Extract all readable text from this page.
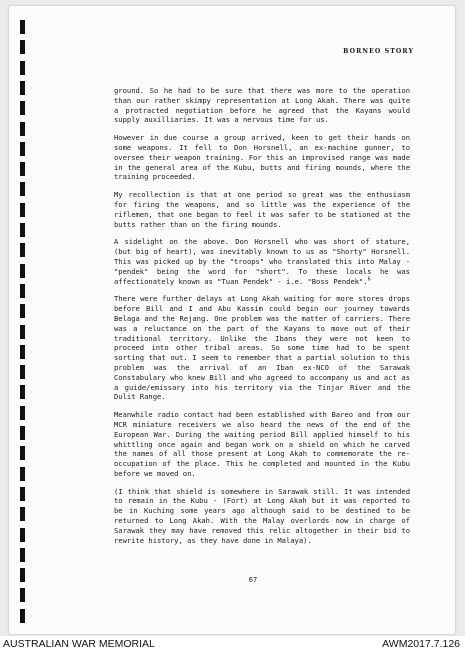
BORNEO STORY

ground. So he had to be sure that there was more to the operation than our rather skimpy representation at Long Akah. There was quite a protracted negotiation before he agreed that the Kayans would supply auxilliaries. It was a nervous time for us.

However in due course a group arrived, keen to get their hands on some weapons. It fell to Don Horsnell, an ex-machine gunner, to oversee their weapon training. For this an improvised range was made in the general area of the Kubu, butts and firing mounds, where the training proceeded.

My recollection is that at one period so great was the enthusiasm for firing the weapons, and so little was the experience of the riflemen, that one began to feel it was safer to be stationed at the butts rather than on the firing mounds.

A sidelight on the above. Don Horsnell who was short of stature, (but big of heart), was inevitably known to us as "Shorty" Horsnell. This was picked up by the "troops" who translated this into Malay - "pendek" being the word for "short". To these locals he was affectionately known as "Tuan Pendek" - i.e. "Boss Pendek".$^6$

There were further delays at Long Akah waiting for more stores drops before Bill and I and Abu Kassim could begin our journey towards Belaga and the Rejang. One problem was the matter of carriers. There was a reluctance on the part of the Kayans to move out of their traditional territory. Unlike the Ibans they were not keen to proceed into other tribal areas. So some time had to be spent sorting that out. I seem to remember that a partial solution to this problem was the arrival of an Iban ex-NCO of the Sarawak Constabulary who knew Bill and who agreed to accompany us and act as a guide/emissary into his territory via the Tinjar River and the Dulit Range.

Meanwhile radio contact had been established with Bareo and from our MCR miniature receivers we also heard the news of the end of the European War. During the waiting period Bill applied himself to his whittling once again and began work on a shield on which he carved the names of all those present at Long Akah to commemorate the re-occupation of the place. This he completed and mounted in the Kubu before we moved on.

(I think that shield is somewhere in Sarawak still. It was intended to remain in the Kubu - (Fort) at Long Akah but it was reported to be in Kuching some years ago although said to be destined to be returned to Long Akah. With the Malay overlords now in charge of Sarawak they may have removed this relic altogether in their bid to rewrite history, as they have done in Malaya).

67
AUSTRALIAN WAR MEMORIAL	AWM2017.7.126
